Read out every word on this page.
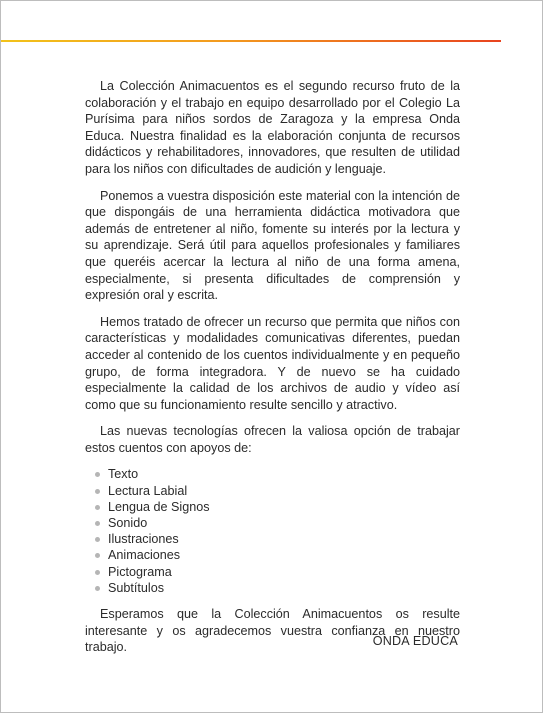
La Colección Animacuentos es el segundo recurso fruto de la colaboración y el trabajo en equipo desarrollado por el Colegio La Purísima para niños sordos de Zaragoza y la empresa Onda Educa. Nuestra finalidad es la elaboración conjunta de recursos didácticos y rehabilitadores, innovadores, que resulten de utilidad para los niños con dificultades de audición y lenguaje.

Ponemos a vuestra disposición este material con la intención de que dispongáis de una herramienta didáctica motivadora que además de entretener al niño, fomente su interés por la lectura y su aprendizaje. Será útil para aquellos profesionales y familiares que queréis acercar la lectura al niño de una forma amena, especialmente, si presenta dificultades de comprensión y expresión oral y escrita.

Hemos tratado de ofrecer un recurso que permita que niños con características y modalidades comunicativas diferentes, puedan acceder al contenido de los cuentos individualmente y en pequeño grupo, de forma integradora. Y de nuevo se ha cuidado especialmente la calidad de los archivos de audio y vídeo así como que su funcionamiento resulte sencillo y atractivo.

Las nuevas tecnologías ofrecen la valiosa opción de trabajar estos cuentos con apoyos de:

Texto
Lectura Labial
Lengua de Signos
Sonido
Ilustraciones
Animaciones
Pictograma
Subtítulos

Esperamos que la Colección Animacuentos os resulte interesante y os agradecemos vuestra confianza en nuestro trabajo.	ONDA EDUCA
